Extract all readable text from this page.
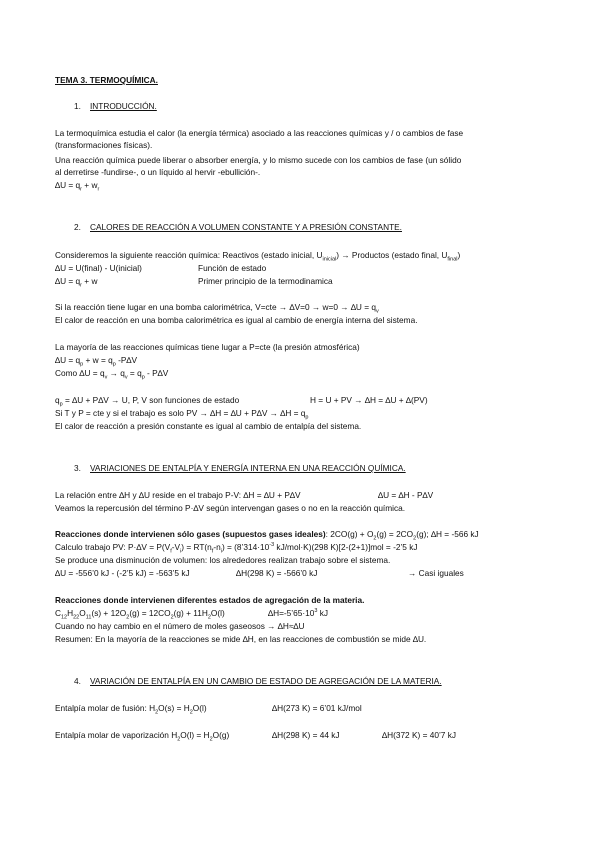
TEMA 3. TERMOQUÍMICA.
1. INTRODUCCIÓN.
La termoquímica estudia el calor (la energía térmica) asociado a las reacciones químicas y / o cambios de fase
(transformaciones físicas).
Una reacción química puede liberar o absorber energía, y lo mismo sucede con los cambios de fase (un sólido
al derretirse -fundirse-, o un líquido al hervir -ebullición-.
$\Delta U = q_r + w_r$
2. CALORES DE REACCIÓN A VOLUMEN CONSTANTE Y A PRESIÓN CONSTANTE.
Consideremos la siguiente reacción química: Reactivos (estado inicial, $U_{inicial}$) → Productos (estado final, $U_{final}$)
∆U = U(final) - U(inicial)	Función de estado
$\Delta U = q_r + w$	Primer principio de la termodinamica
Si la reacción tiene lugar en una bomba calorimétrica, $V=cte \to \Delta V=0 \to w=0 \to \Delta U = q_v$
El calor de reacción en una bomba calorimétrica es igual al cambio de energía interna del sistema.
La mayoría de las reacciones químicas tiene lugar a P=cte (la presión atmosférica)
$\Delta U = q_p + w = q_p$ -P∆V
Como $\Delta U = q_v \to q_v = q_p - P\Delta V$
$q_p = \Delta U + P\Delta V \to U$, P, V son funciones de estado	H = U + PV → ∆H = ∆U + ∆(PV)
Si T y P = cte y si el trabajo es solo PV → $\Delta H = \Delta U + P\Delta V \to \Delta H = q_p$
El calor de reacción a presión constante es igual al cambio de entalpía del sistema.
3. VARIACIONES DE ENTALPÍA Y ENERGÍA INTERNA EN UNA REACCIÓN QUÍMICA.
La relación entre ∆H y ∆U reside en el trabajo P-V: ∆H = ∆U + P∆V	∆U = ∆H - P∆V
Veamos la repercusión del término P·∆V según intervengan gases o no en la reacción química.
Reacciones donde intervienen sólo gases (supuestos gases ideales): $2CO(g) + O_2(g) = 2CO_2(g)$; ∆H = -566 kJ
Calculo trabajo PV: $P\cdot\Delta V = P(V_f-V_i) = RT(n_f-n_i)$ = ($8’314\cdot 10^{-3}$ kJ/mol·K)(298 K)[2-(2+1)]mol = -2’5 kJ
Se produce una disminución de volumen: los alrededores realizan trabajo sobre el sistema.
∆U = -556’0 kJ - (-2’5 kJ) = -563’5 kJ	∆H(298 K) = -566’0 kJ	→ Casi iguales
Reacciones donde intervienen diferentes estados de agregación de la materia.
$C_{12}H_{22}O_{11}(s) + 12O_2(g) = 12CO_2(g) + 11H_2O(l)$	$\Delta H=-5’65\cdot 10^3$ kJ
Cuando no hay cambio en el número de moles gaseosos → ∆H≈∆U
Resumen: En la mayoría de la reacciones se mide ∆H, en las reacciones de combustión se mide ∆U.
4. VARIACIÓN DE ENTALPÍA EN UN CAMBIO DE ESTADO DE AGREGACIÓN DE LA MATERIA.
Entalpía molar de fusión: $H_2O(s) = H_2O(l)$	∆H(273 K) = 6’01 kJ/mol
Entalpía molar de vaporización $H_2O(l) = H_2O(g)$	∆H(298 K) = 44 kJ	∆H(372 K) = 40’7 kJ
